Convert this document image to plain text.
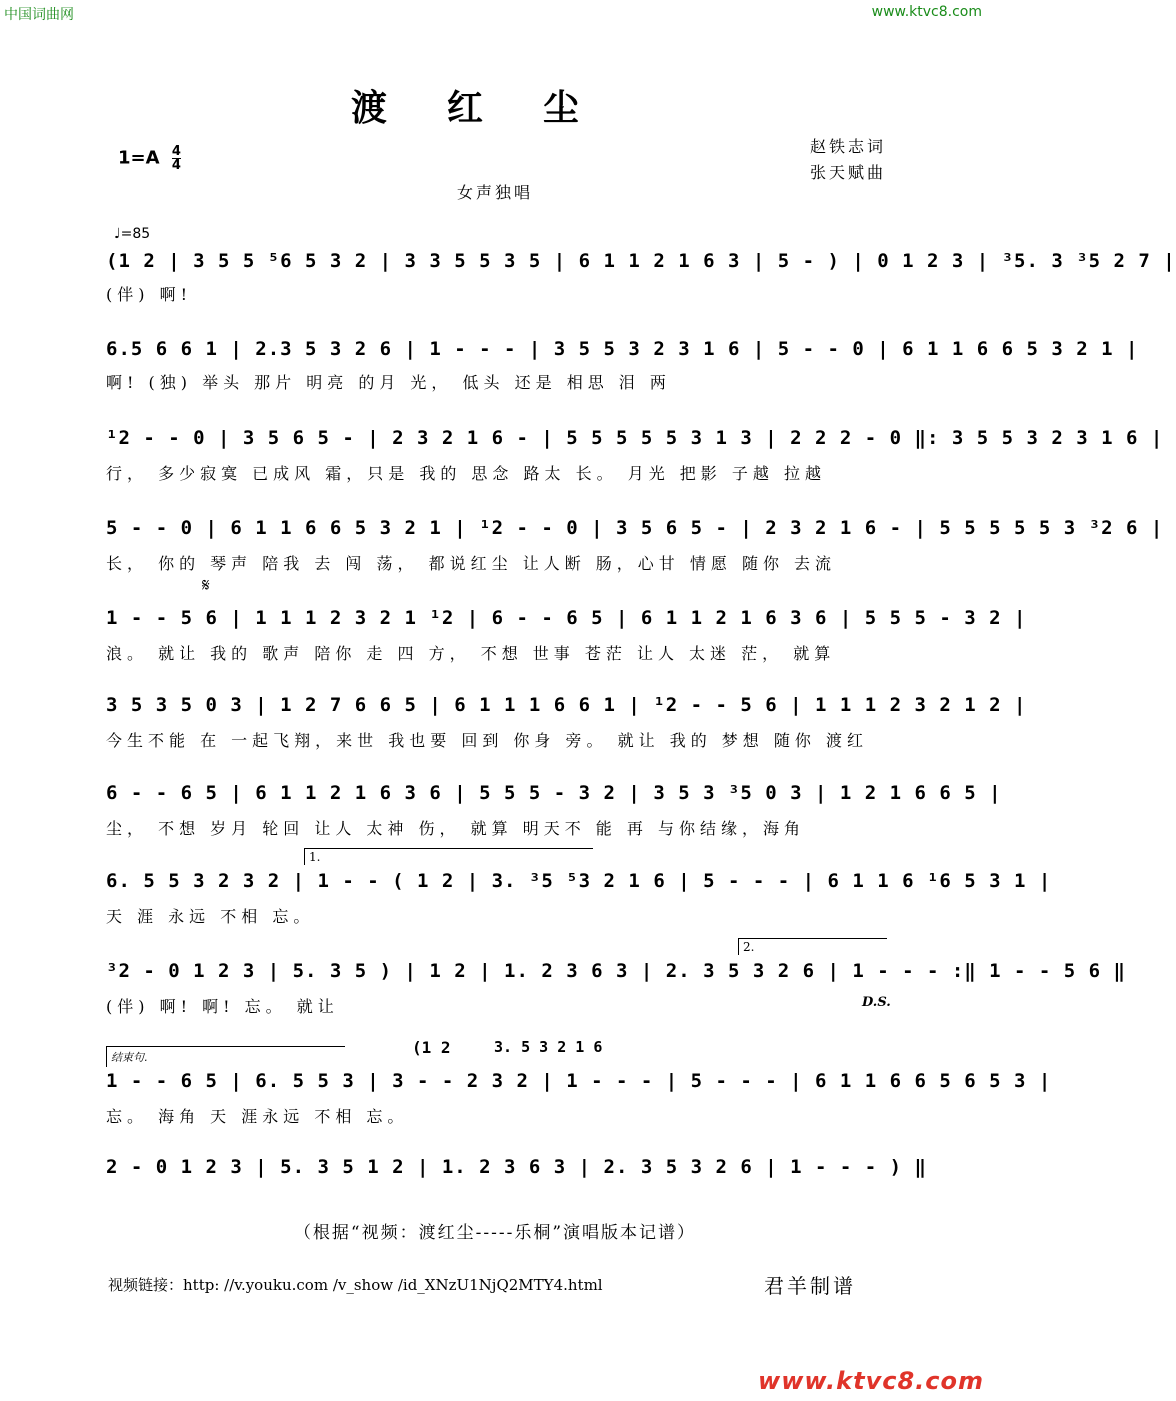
中国词曲网	www.ktvc8.com
渡红尘
$1=A \frac{4}{4}$	赵铁志词
张天赋曲
女声独唱
♩=85
(1 2 | 3 5 5 ⁵6 5 3 2 | 3 3 5 5 3 5 | 6 1 1 2 1 6 3 | 5 - ) | 0 1 2 3 | ³5. 3 ³5 2 7 |
(伴) 啊!
6.5 6 6 1 | 2.3 5 3 2 6 | 1 - - - | 3 5 5 3 2 3 1 6 | 5 - - 0 | 6 1 1 6 6 5 3 2 1 |
啊! (独) 举头 那片 明亮 的月 光， 低头 还是 相思 泪 两
¹2 - - 0 | 3 5 6 5 - | 2 3 2 1 6 - | 5 5 5 5 5 3 1 3 | 2 2 2 - 0 ‖: 3 5 5 3 2 3 1 6 |
行， 多少寂寞 已成风 霜，只是 我的 思念 路太 长。 月光 把影 子越 拉越
5 - - 0 | 6 1 1 6 6 5 3 2 1 | ¹2 - - 0 | 3 5 6 5 - | 2 3 2 1 6 - | 5 5 5 5 5 3 ³2 6 |
长， 你的 琴声 陪我 去 闯 荡， 都说红尘 让人断 肠，心甘 情愿 随你 去流
𝄋
1 - - 5 6 | 1 1 1 2 3 2 1 ¹2 | 6 - - 6 5 | 6 1 1 2 1 6 3 6 | 5 5 5 - 3 2 |
浪。 就让 我的 歌声 陪你 走 四 方， 不想 世事 苍茫 让人 太迷 茫， 就算
3 5 3 5 0 3 | 1 2 7 6 6 5 | 6 1 1 1 6 6 1 | ¹2 - - 5 6 | 1 1 1 2 3 2 1 2 |
今生不能 在 一起飞翔，来世 我也要 回到 你身 旁。 就让 我的 梦想 随你 渡红
6 - - 6 5 | 6 1 1 2 1 6 3 6 | 5 5 5 - 3 2 | 3 5 3 ³5 0 3 | 1 2 1 6 6 5 |
尘， 不想 岁月 轮回 让人 太神 伤， 就算 明天不 能 再 与你结缘，海角
1.
6. 5 5 3 2 3 2 | 1 - - ( 1 2 | 3. ³5 ⁵3 2 1 6 | 5 - - - | 6 1 1 6 ¹6 5 3 1 |
天 涯 永远 不相 忘。
2.
³2 - 0 1 2 3 | 5. 3 5 ) | 1 2 | 1. 2 3 6 3 | 2. 3 5 3 2 6 | 1 - - - :‖ 1 - - 5 6 ‖
(伴) 啊! 啊! 忘。 就让	D.S.
结束句.
(1 2	3. 5 3 2 1 6
1 - - 6 5 | 6. 5 5 3 | 3 - - 2 3 2 | 1 - - - | 5 - - - | 6 1 1 6 6 5 6 5 3 |
忘。 海角 天 涯永远 不相 忘。
2 - 0 1 2 3 | 5. 3 5 1 2 | 1. 2 3 6 3 | 2. 3 5 3 2 6 | 1 - - - ) ‖
（根据“视频：渡红尘-----乐桐”演唱版本记谱）
视频链接：http: //v.youku.com /v_show /id_XNzU1NjQ2MTY4.html	君羊制谱
www.ktvc8.com
